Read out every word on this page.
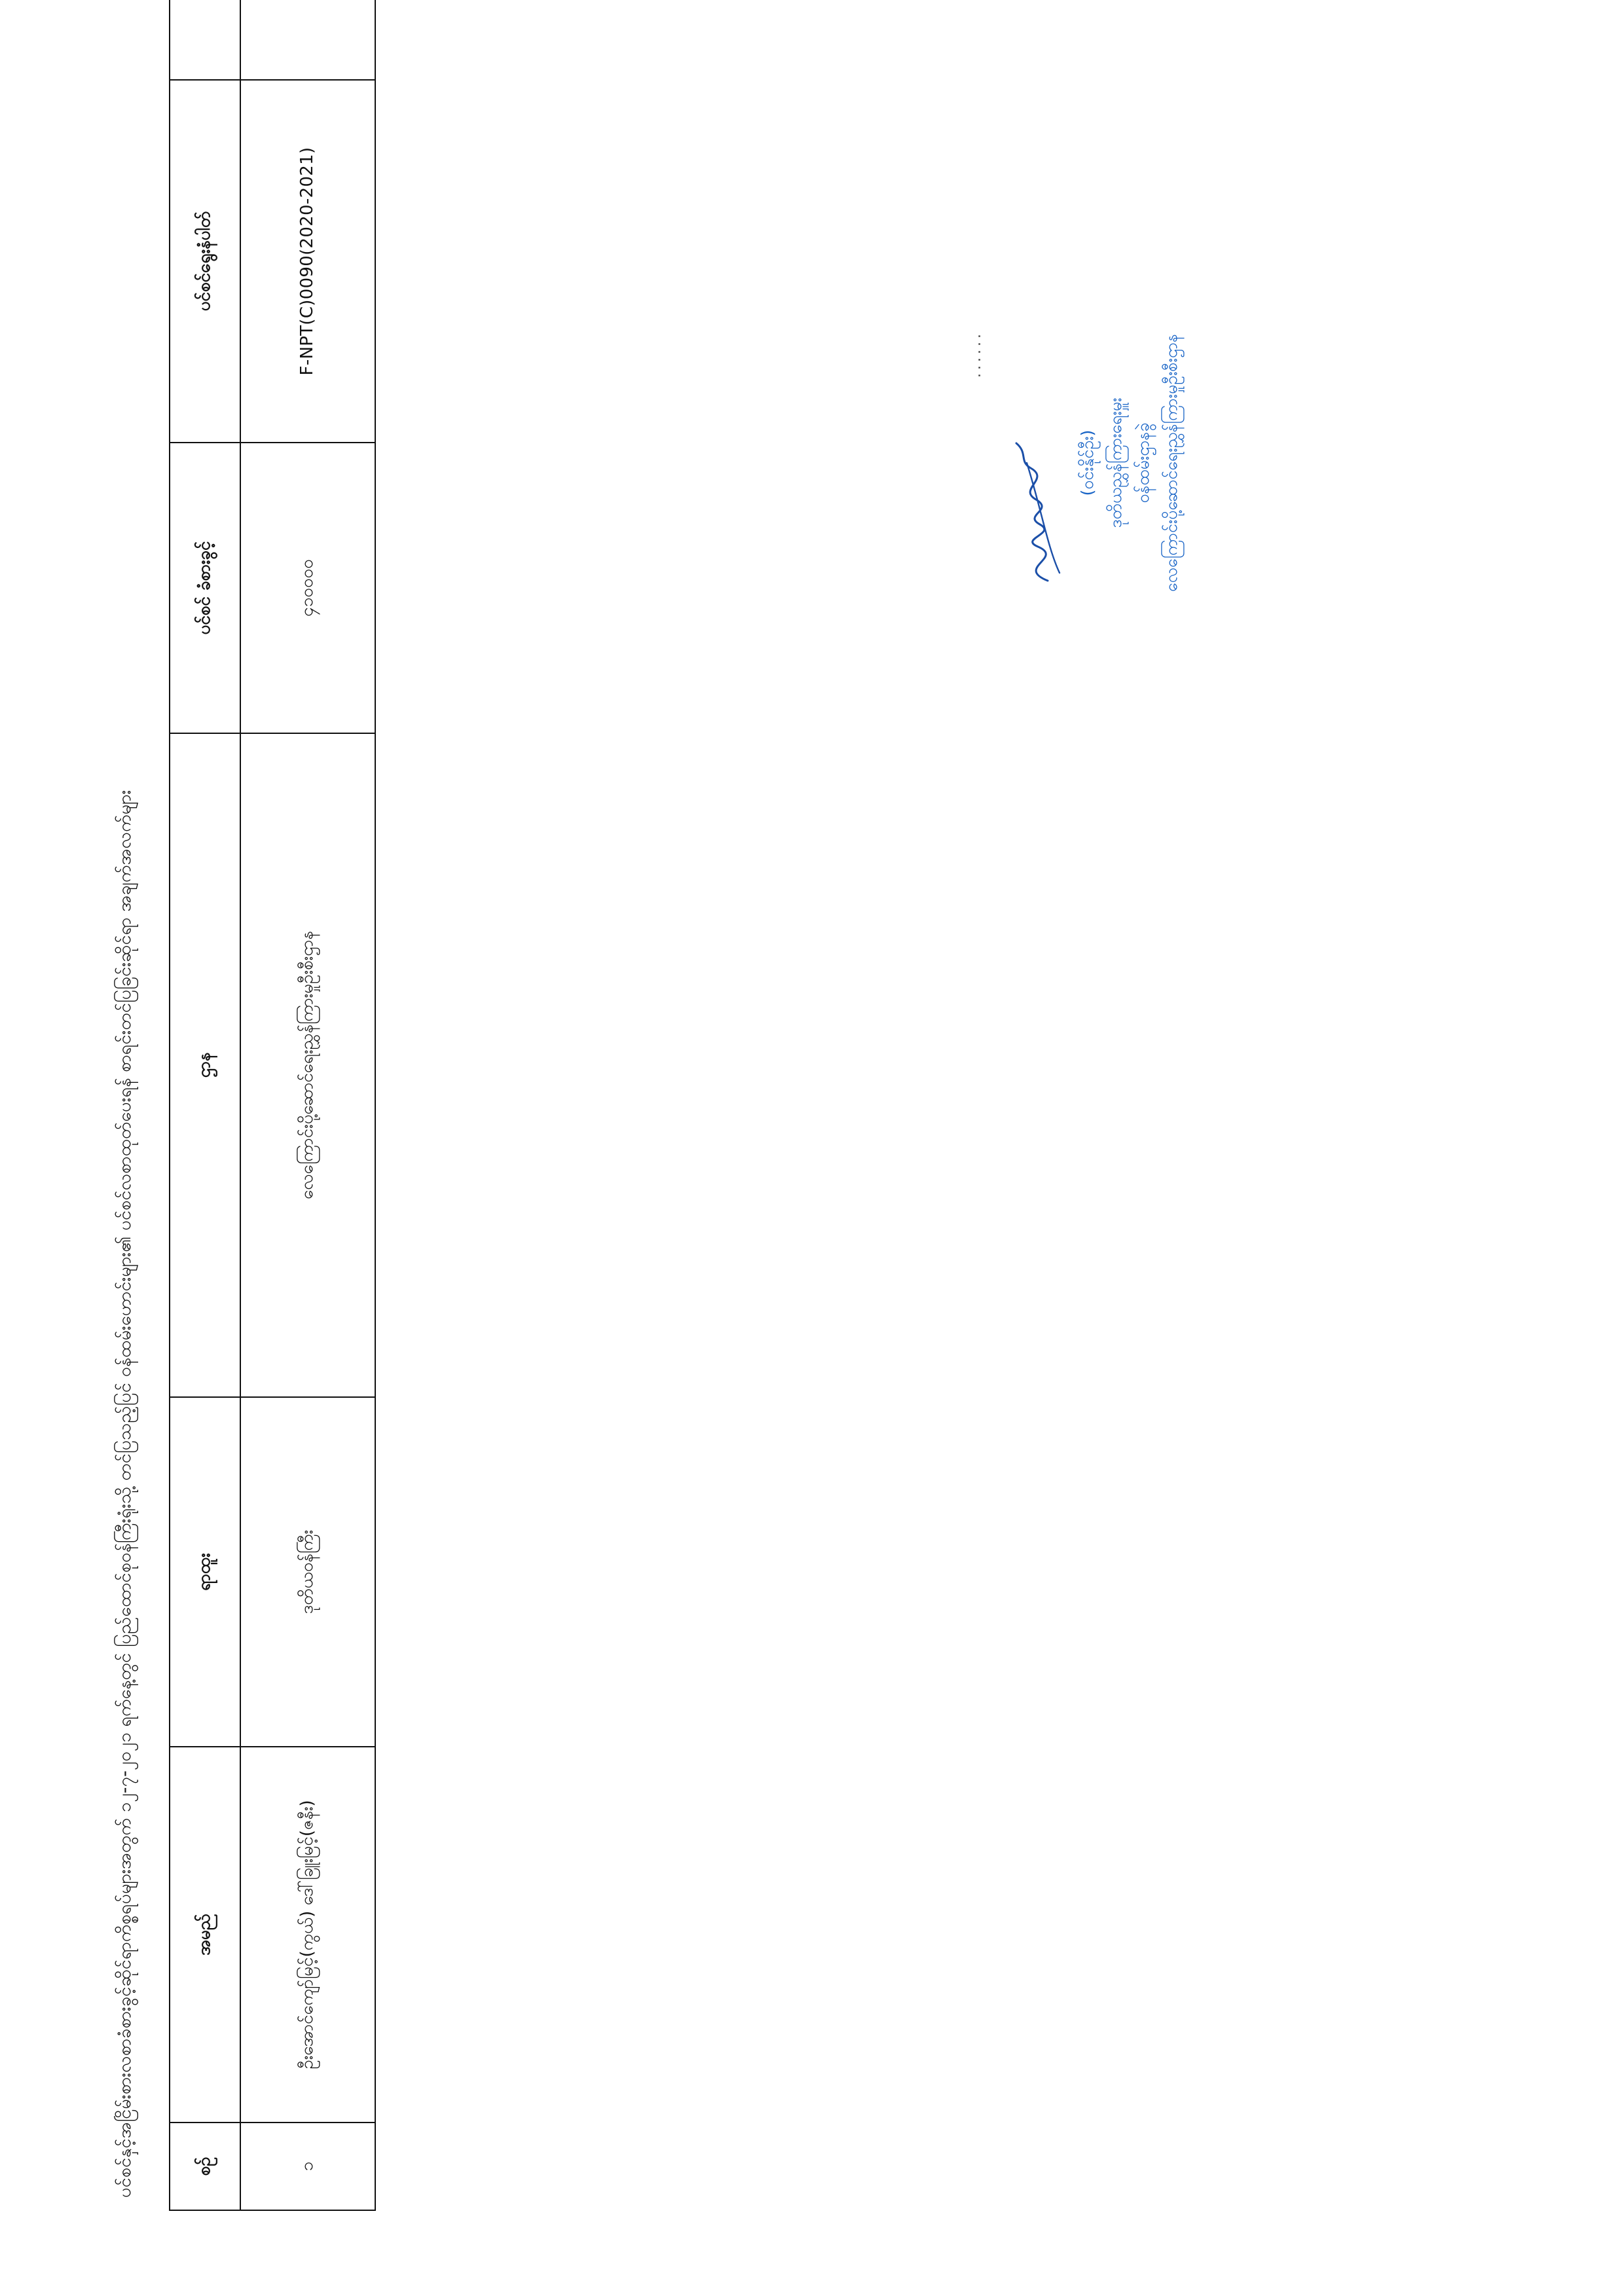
ပင်စင်နှင့်အငြိမ်းစားလစာခံစားခွင့်ဆိုင်ရာကိစ္စရပ်များအတွက် ၁၂-၇-၂၀၂၁ ရက်နေ့တွင် ပြည်ထောင်စုဝန်ကြီးရုံးသို့ တင်ပြသည့်ပြင် ဝန်ထမ်းဟောင်းများ၏ ပင်စင်လစာထုတ်ပေးရန် စာရင်းတင်ပြခြင်းဆိုင်ရာ အချက်အလက်များ	စဉ်	အမည်	ရာထူး	ဌာန	ပင်စင် ခံစားခွင့်	ပင်စင်ရွေးနံပါတ်	
၁	ဦးအောင်ကျော်မြင့်(ကွယ်) ဒေါ်ခြူးမြင့်(ဇနီး)	ဒုတိယဝန်ကြီး	လေကြောင်းပို့ဆောင်ရေးညွှန်ကြားမှုဦးစီးဌာန	၄၁၀၀၀၀	F-NPT(C)0090(2020-2021)		......
(ဝင်းနိုင်ဦး) ဒုတိယညွှန်ကြားရေးမှူး ဝန်ထမ်းဌာနခွဲ လေကြောင်းပို့ဆောင်ရေးညွှန်ကြားမှုဦးစီးဌာန
